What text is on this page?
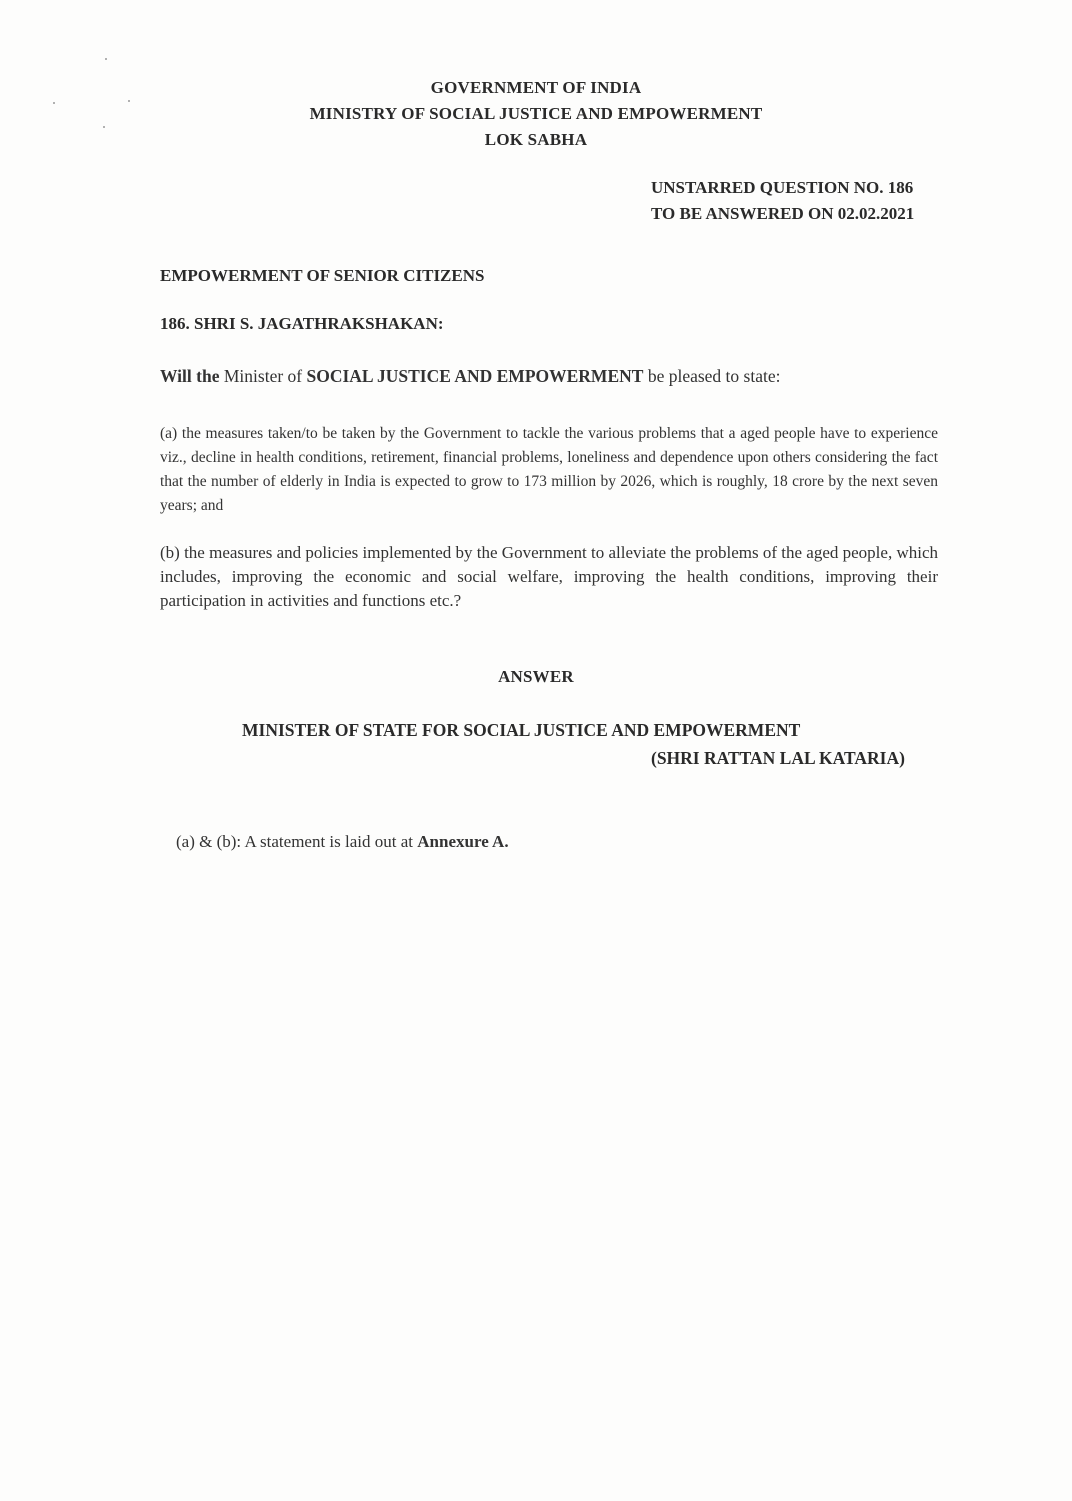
GOVERNMENT OF INDIA
MINISTRY OF SOCIAL JUSTICE AND EMPOWERMENT
LOK SABHA
UNSTARRED QUESTION NO. 186
TO BE ANSWERED ON 02.02.2021
EMPOWERMENT OF SENIOR CITIZENS
186. SHRI S. JAGATHRAKSHAKAN:
Will the Minister of SOCIAL JUSTICE AND EMPOWERMENT be pleased to state:
(a) the measures taken/to be taken by the Government to tackle the various problems that a aged people have to experience viz., decline in health conditions, retirement, financial problems, loneliness and dependence upon others considering the fact that the number of elderly in India is expected to grow to 173 million by 2026, which is roughly, 18 crore by the next seven years; and
(b) the measures and policies implemented by the Government to alleviate the problems of the aged people, which includes, improving the economic and social welfare, improving the health conditions, improving their participation in activities and functions etc.?
ANSWER
MINISTER OF STATE FOR SOCIAL JUSTICE AND EMPOWERMENT
(SHRI RATTAN LAL KATARIA)
(a) & (b): A statement is laid out at Annexure A.
